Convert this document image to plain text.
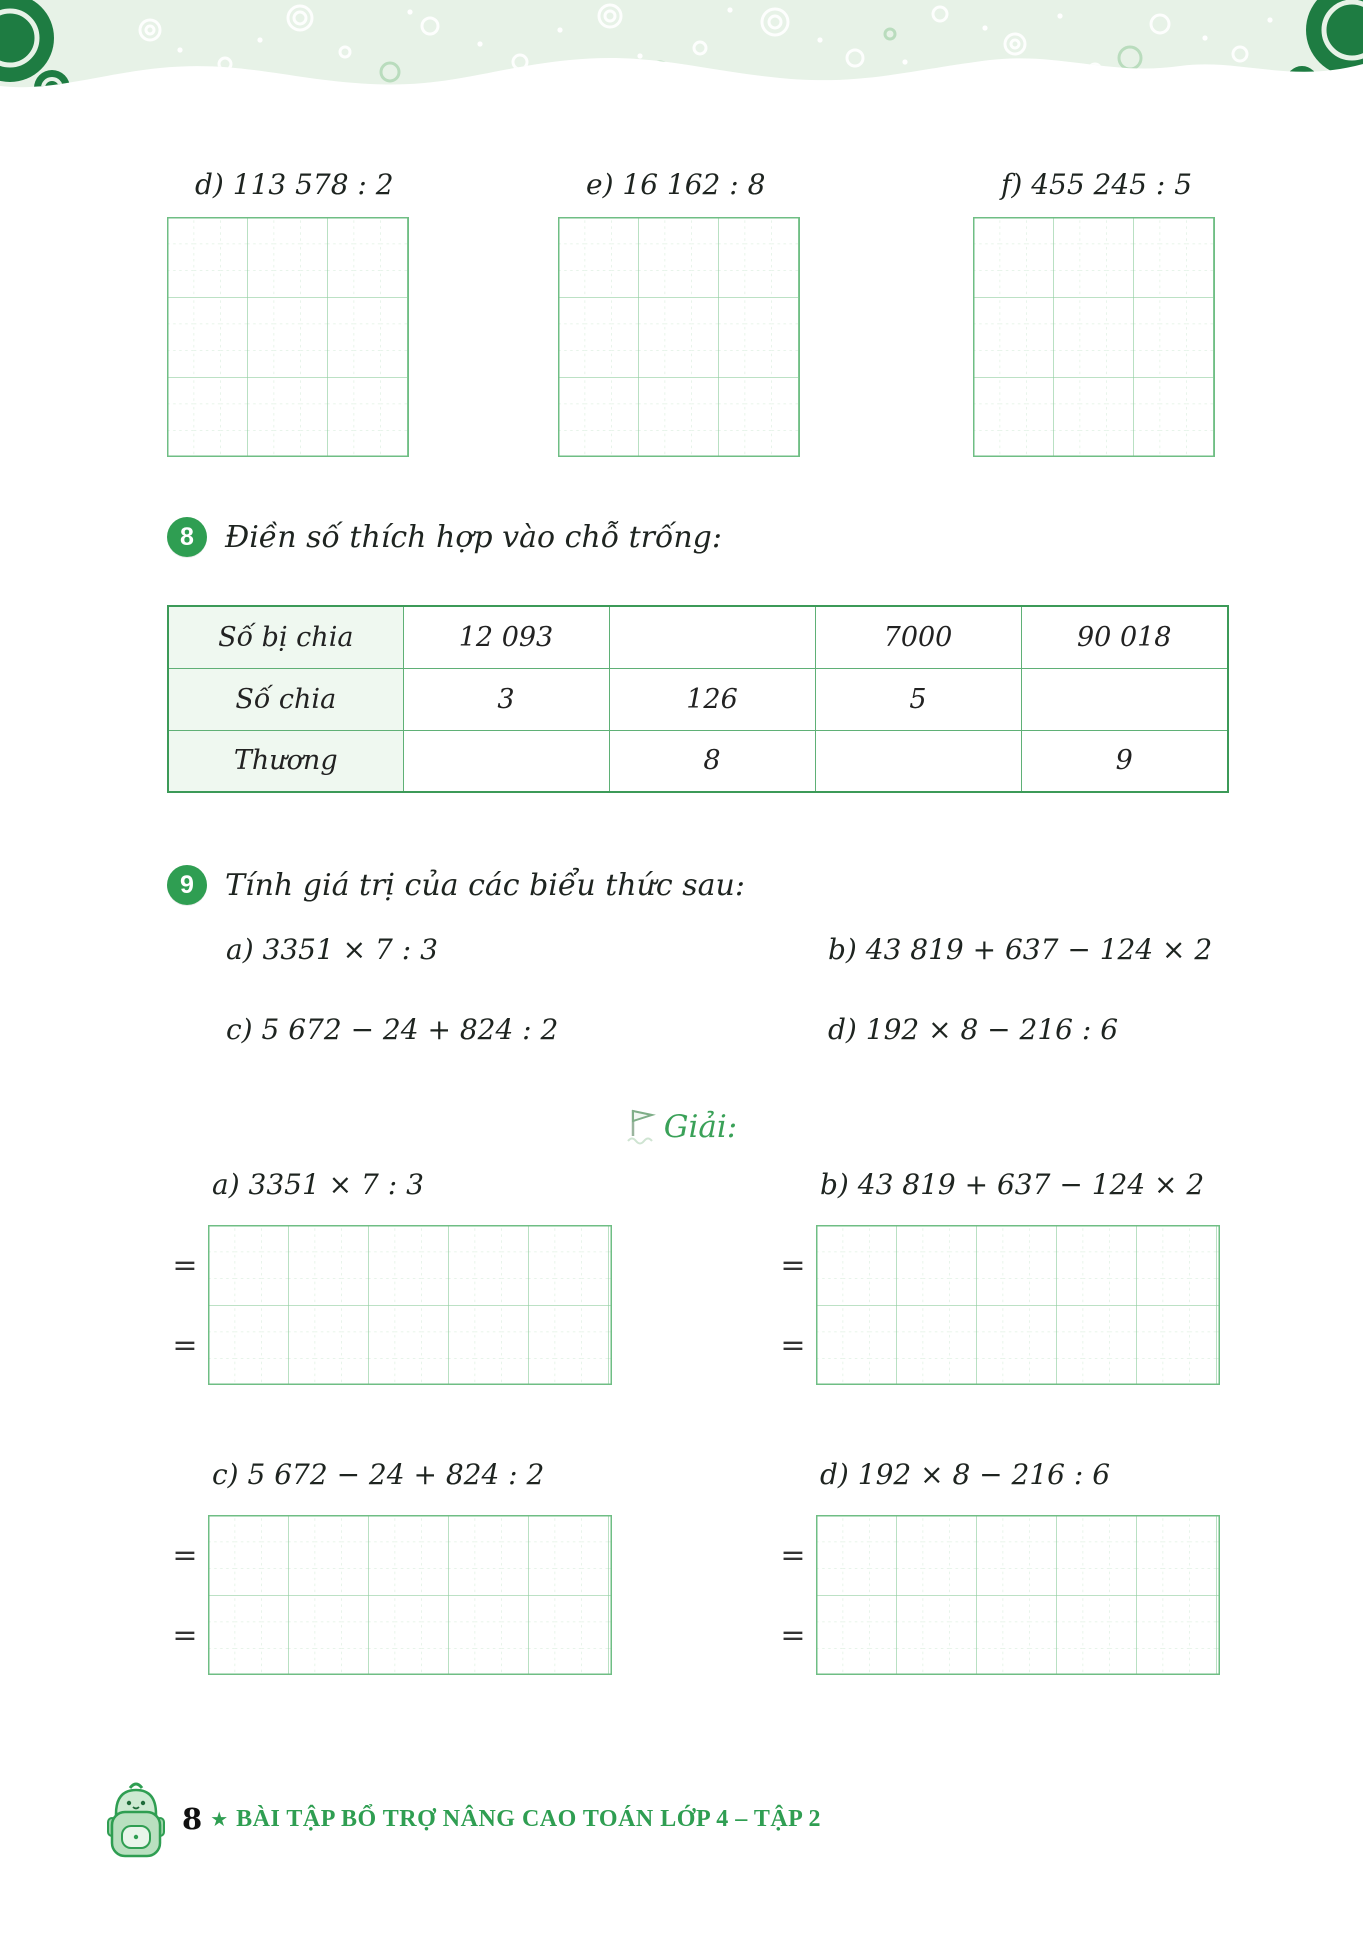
d) 113 578 : 2	e) 16 162 : 8	f) 455 245 : 5
8	Điền số thích hợp vào chỗ trống:
Số bị chia	12 093		7000	90 018
Số chia	3	126	5	
Thương		8		9
9	Tính giá trị của các biểu thức sau:
a) 3351 × 7 : 3	b) 43 819 + 637 − 124 × 2
c) 5 672 − 24 + 824 : 2	d) 192 × 8 − 216 : 6
Giải:
a) 3351 × 7 : 3
=
=
b) 43 819 + 637 − 124 × 2
=
=
c) 5 672 − 24 + 824 : 2
=
=
d) 192 × 8 − 216 : 6
=
=
8 ★ BÀI TẬP BỔ TRỢ NÂNG CAO TOÁN LỚP 4 – TẬP 2
